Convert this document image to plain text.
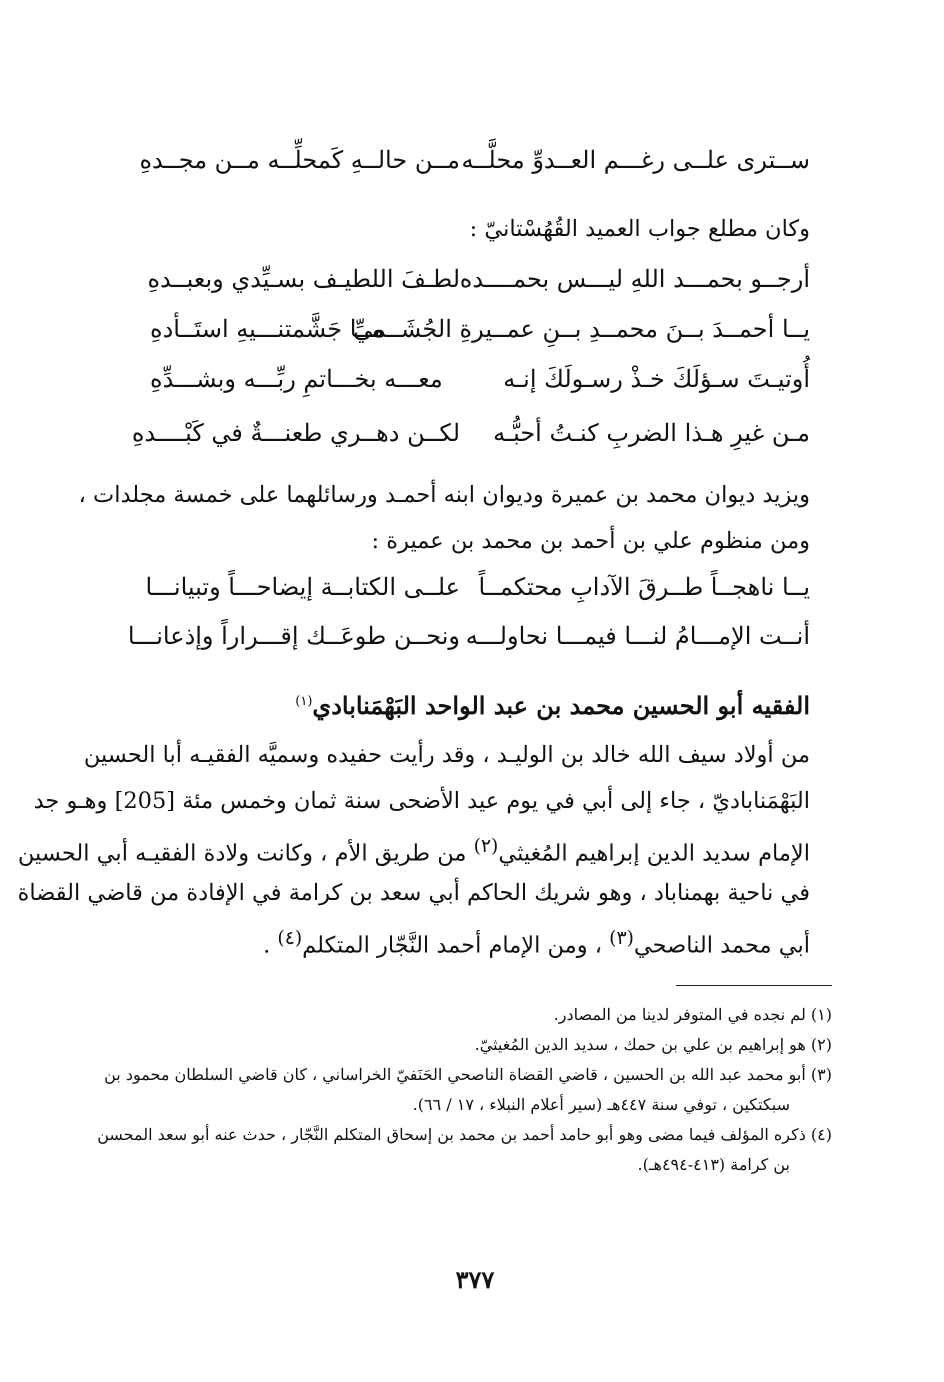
ســترى علــى رغـــم العــدوِّ محلَّــه
مــن حالــهِ كَمحلِّــه مــن مجــدهِ
وكان مطلع جواب العميد القُهُسْتانيّ :
أرجــو بحمـــد اللهِ ليـــس بحمــــده
لطـفَ اللطيـف بسـيِّدي وبعبــدهِ
يــا أحمــدَ بــنَ محمــدِ بــنِ عمــيرةِ الجُشَــميِّ
مــا جَشَّمتنـــيهِ استَــأدهِ
أُوتيـتَ سـؤلَكَ خـذْ رسـولَكَ إنـه
معـــه بخـــاتمِ ربِّـــه وبشـــدِّهِ
مـن غيرِ هـذا الضربِ كنـتُ أحبُّـه
لكــن دهــري طعنـــةٌ في كَبْــــدهِ
ويزيد ديوان محمد بن عميرة وديوان ابنه أحمـد ورسائلهما على خمسة مجلدات ،
ومن منظوم علي بن أحمد بن محمد بن عميرة :
يــا ناهجــاً طــرقَ الآدابِ محتكمــاً
علــى الكتابــة إيضاحـــاً وتبيانـــا
أنــت الإمـــامُ لنـــا فيمـــا نحاولـــه
ونحــن طوعَــك إقـــراراً وإذعانـــا
الفقيه أبو الحسين محمد بن عبد الواحد البَهْمَنابادي$^{(١)}$
من أولاد سيف الله خالد بن الوليـد ، وقد رأيت حفيده وسميَّه الفقيـه أبا الحسين
البَهْمَناباديّ ، جاء إلى أبي في يوم عيد الأضحى سنة ثمان وخمس مئة [205] وهـو جد
الإمام سديد الدين إبراهيم المُغيثي$^{(٢)}$ من طريق الأم ، وكانت ولادة الفقيـه أبي الحسين
في ناحية بهمناباد ، وهو شريك الحاكم أبي سعد بن كرامة في الإفادة من قاضي القضاة
أبي محمد الناصحي$^{(٣)}$ ، ومن الإمام أحمد النَّجّار المتكلم$^{(٤)}$ .
(١) لم نجده في المتوفر لدينا من المصادر.
(٢) هو إبراهيم بن علي بن حمك ، سديد الدين المُغيثيّ.
(٣) أبو محمد عبد الله بن الحسين ، قاضي القضاة الناصحي الحَنَفيّ الخراساني ، كان قاضي السلطان محمود بن
سبكتكين ، توفي سنة ٤٤٧هـ (سير أعلام النبلاء ، ١٧ / ٦٦).
(٤) ذكره المؤلف فيما مضى وهو أبو حامد أحمد بن محمد بن إسحاق المتكلم النَّجّار ، حدث عنه أبو سعد المحسن
بن كرامة (٤١٣-٤٩٤هـ).
٣٧٧
